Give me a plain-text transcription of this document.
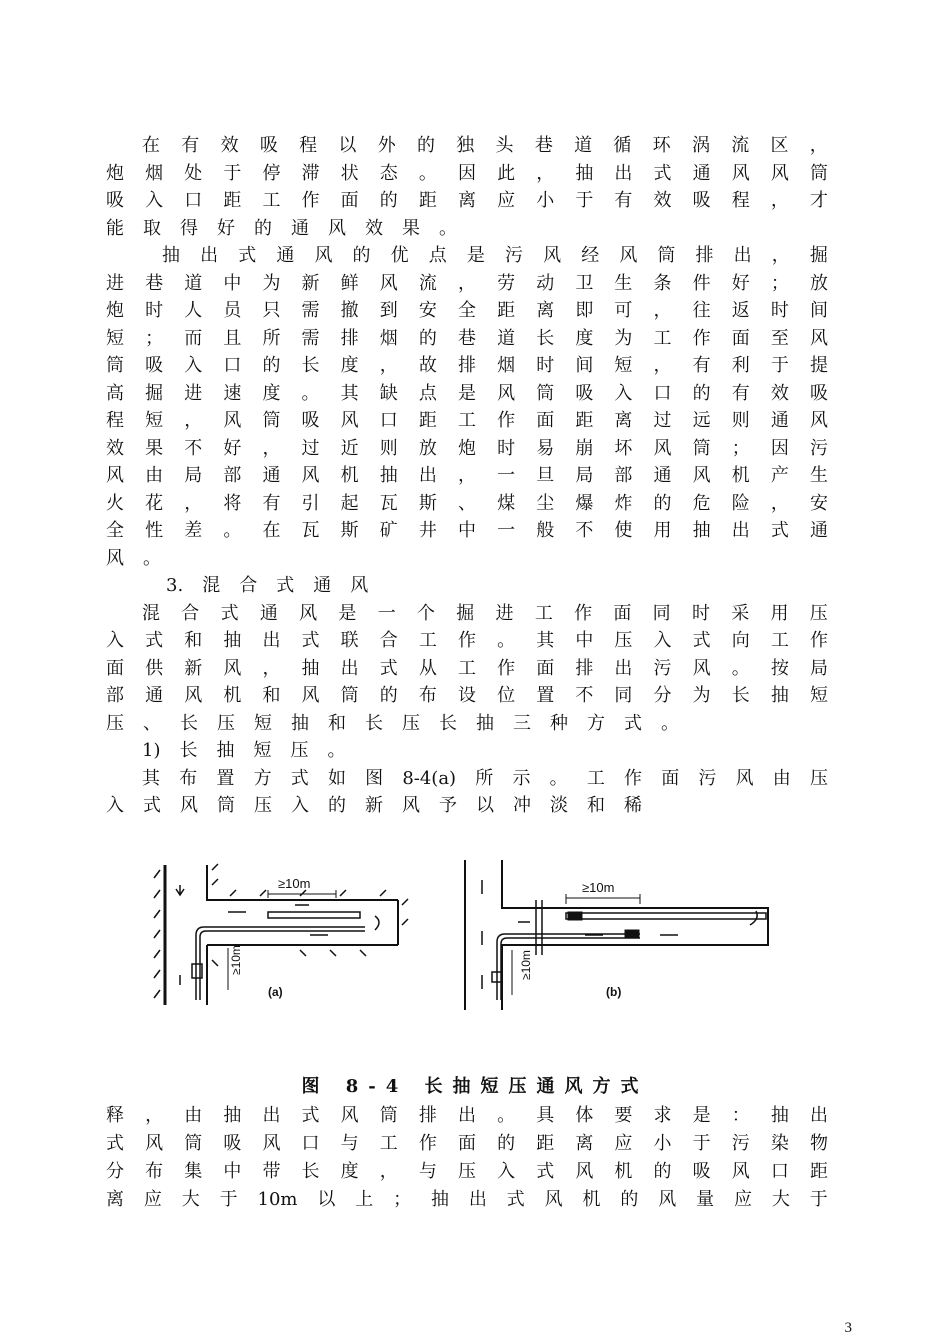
在 有 效 吸 程 以 外 的 独 头 巷 道 循 环 涡 流 区 ，
炮 烟 处 于 停 滞 状 态 。 因 此 ， 抽 出 式 通 风 风 筒
吸 入 口 距 工 作 面 的 距 离 应 小 于 有 效 吸 程 ， 才
能 取 得 好 的 通 风 效 果 。
抽 出 式 通 风 的 优 点 是 污 风 经 风 筒 排 出 ， 掘
进 巷 道 中 为 新 鲜 风 流 ， 劳 动 卫 生 条 件 好 ； 放
炮 时 人 员 只 需 撤 到 安 全 距 离 即 可 ， 往 返 时 间
短 ； 而 且 所 需 排 烟 的 巷 道 长 度 为 工 作 面 至 风
筒 吸 入 口 的 长 度 ， 故 排 烟 时 间 短 ， 有 利 于 提
高 掘 进 速 度 。 其 缺 点 是 风 筒 吸 入 口 的 有 效 吸
程 短 ， 风 筒 吸 风 口 距 工 作 面 距 离 过 远 则 通 风
效 果 不 好 ， 过 近 则 放 炮 时 易 崩 坏 风 筒 ； 因 污
风 由 局 部 通 风 机 抽 出 ， 一 旦 局 部 通 风 机 产 生
火 花 ， 将 有 引 起 瓦 斯 、 煤 尘 爆 炸 的 危 险 ， 安
全 性 差 。 在 瓦 斯 矿 井 中 一 般 不 使 用 抽 出 式 通
风 。
3. 混 合 式 通 风
混 合 式 通 风 是 一 个 掘 进 工 作 面 同 时 采 用 压
入 式 和 抽 出 式 联 合 工 作 。 其 中 压 入 式 向 工 作
面 供 新 风 ， 抽 出 式 从 工 作 面 排 出 污 风 。 按 局
部 通 风 机 和 风 筒 的 布 设 位 置 不 同 分 为 长 抽 短
压 、 长 压 短 抽 和 长 压 长 抽 三 种 方 式 。
1) 长 抽 短 压 。
其 布 置 方 式 如 图 8-4(a) 所 示 。 工 作 面 污 风 由 压
入 式 风 筒 压 入 的 新 风 予 以 冲 淡 和 稀
释 ， 由 抽 出 式 风 筒 排 出 。 具 体 要 求 是 ： 抽 出
式 风 筒 吸 风 口 与 工 作 面 的 距 离 应 小 于 污 染 物
分 布 集 中 带 长 度 ， 与 压 入 式 风 机 的 吸 风 口 距
离 应 大 于 10m 以 上 ； 抽 出 式 风 机 的 风 量 应 大 于
≥10m
≥10m
(a)
≥10m
≥10m
(b)
图 8-4 长抽短压通风方式
3
